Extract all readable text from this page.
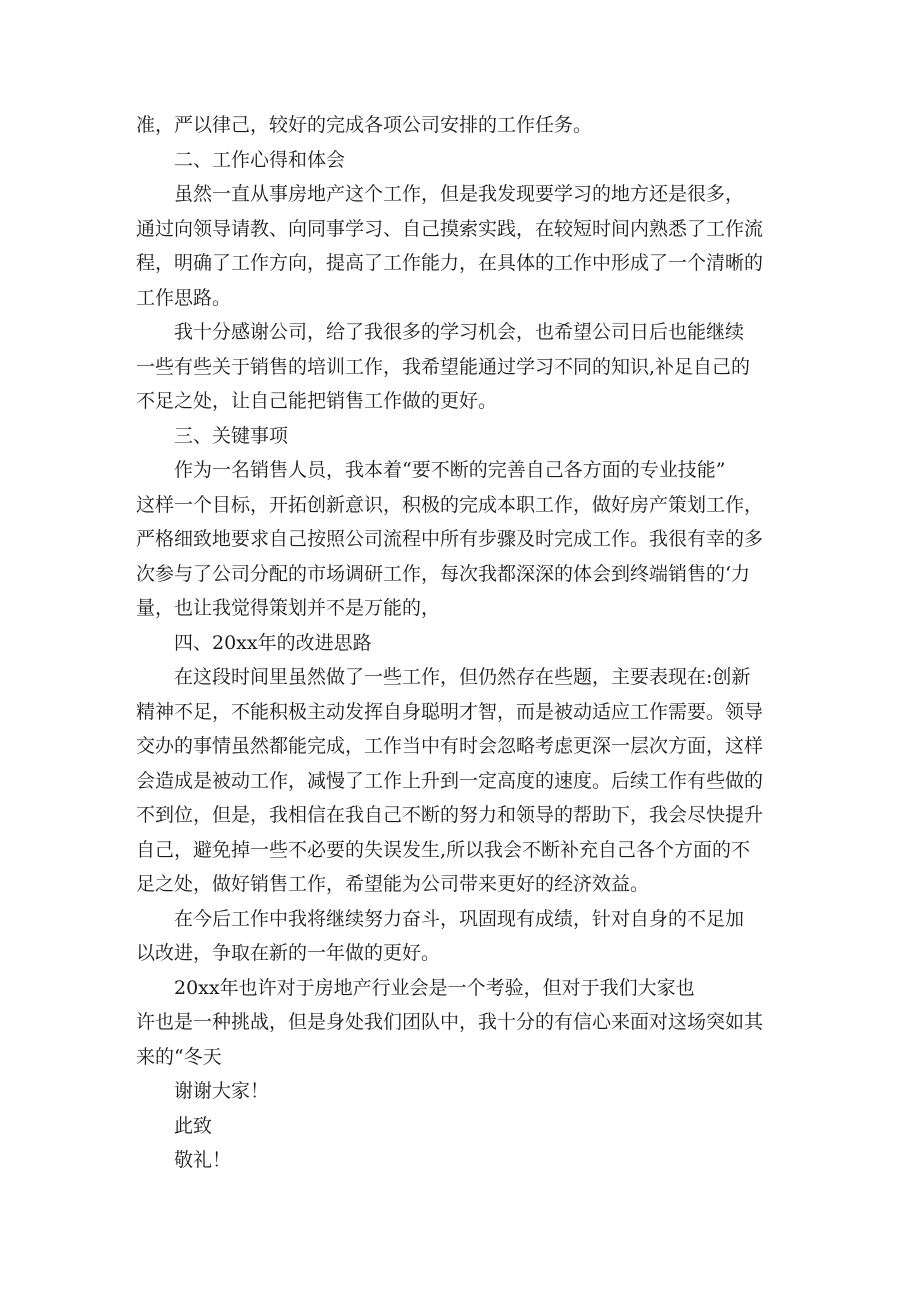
准，严以律己，较好的完成各项公司安排的工作任务。
二、工作心得和体会
虽然一直从事房地产这个工作，但是我发现要学习的地方还是很多，
通过向领导请教、向同事学习、自己摸索实践，在较短时间内熟悉了工作流
程，明确了工作方向，提高了工作能力，在具体的工作中形成了一个清晰的
工作思路。
我十分感谢公司，给了我很多的学习机会，也希望公司日后也能继续
一些有些关于销售的培训工作，我希望能通过学习不同的知识,补足自己的
不足之处，让自己能把销售工作做的更好。
三、关键事项
作为一名销售人员，我本着“要不断的完善自己各方面的专业技能”
这样一个目标，开拓创新意识，积极的完成本职工作，做好房产策划工作，
严格细致地要求自己按照公司流程中所有步骤及时完成工作。我很有幸的多
次参与了公司分配的市场调研工作，每次我都深深的体会到终端销售的‘力
量，也让我觉得策划并不是万能的，
四、20xx年的改进思路
在这段时间里虽然做了一些工作，但仍然存在些题，主要表现在:创新
精神不足，不能积极主动发挥自身聪明才智，而是被动适应工作需要。领导
交办的事情虽然都能完成，工作当中有时会忽略考虑更深一层次方面，这样
会造成是被动工作，减慢了工作上升到一定高度的速度。后续工作有些做的
不到位，但是，我相信在我自己不断的努力和领导的帮助下，我会尽快提升
自己，避免掉一些不必要的失误发生,所以我会不断补充自己各个方面的不
足之处，做好销售工作，希望能为公司带来更好的经济效益。
在今后工作中我将继续努力奋斗，巩固现有成绩，针对自身的不足加
以改进，争取在新的一年做的更好。
20xx年也许对于房地产行业会是一个考验，但对于我们大家也
许也是一种挑战，但是身处我们团队中，我十分的有信心来面对这场突如其
来的“冬天
谢谢大家！
此致
敬礼！
